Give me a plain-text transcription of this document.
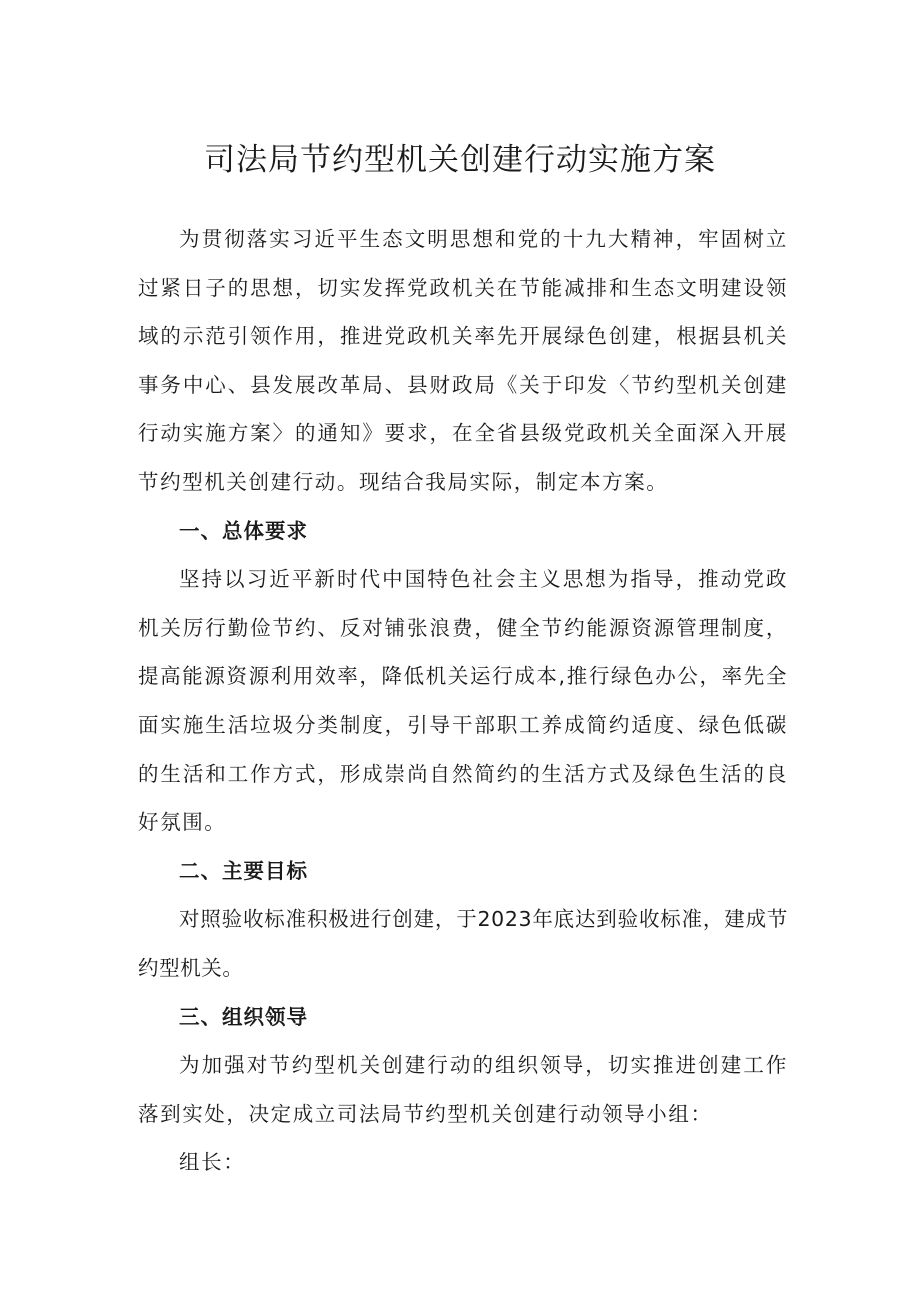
司法局节约型机关创建行动实施方案

为贯彻落实习近平生态文明思想和党的十九大精神，牢固树立过紧日子的思想，切实发挥党政机关在节能减排和生态文明建设领域的示范引领作用，推进党政机关率先开展绿色创建，根据县机关事务中心、县发展改革局、县财政局《关于印发〈节约型机关创建行动实施方案〉的通知》要求，在全省县级党政机关全面深入开展节约型机关创建行动。现结合我局实际，制定本方案。

一、总体要求

坚持以习近平新时代中国特色社会主义思想为指导，推动党政机关厉行勤俭节约、反对铺张浪费，健全节约能源资源管理制度，提高能源资源利用效率，降低机关运行成本,推行绿色办公，率先全面实施生活垃圾分类制度，引导干部职工养成简约适度、绿色低碳的生活和工作方式，形成崇尚自然简约的生活方式及绿色生活的良好氛围。

二、主要目标

对照验收标准积极进行创建，于2023年底达到验收标准，建成节约型机关。

三、组织领导

为加强对节约型机关创建行动的组织领导，切实推进创建工作落到实处，决定成立司法局节约型机关创建行动领导小组：

组长：
